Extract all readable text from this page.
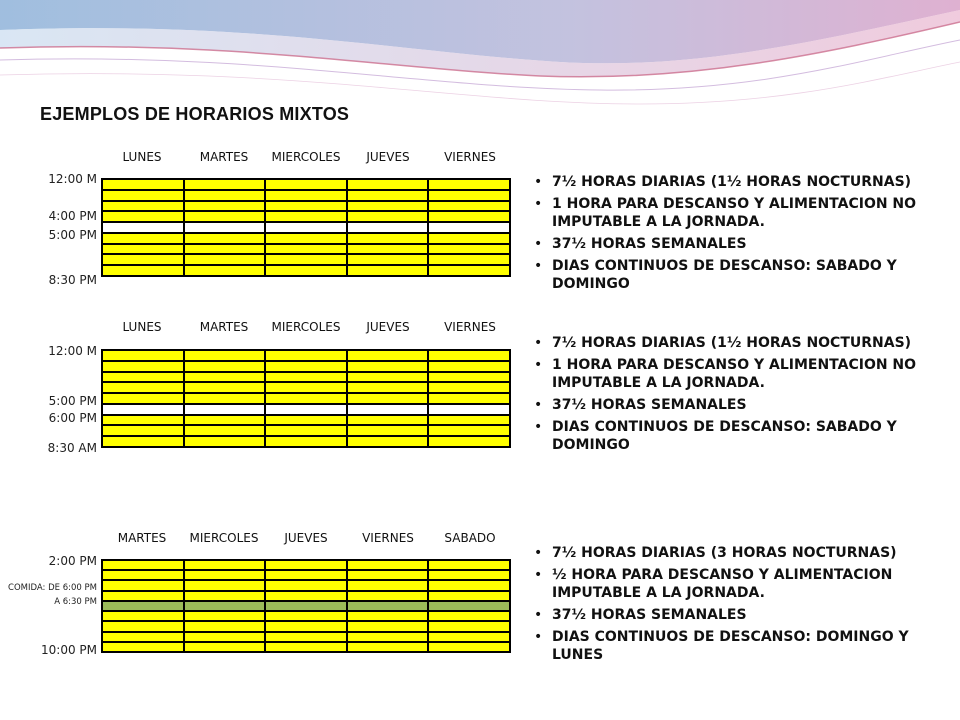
EJEMPLOS DE HORARIOS MIXTOS
LUNES	MARTES	MIERCOLES	JUEVES	VIERNES
12:00 M
4:00 PM
5:00 PM
8:30 PM
• 7½ HORAS DIARIAS (1½ HORAS NOCTURNAS)
• 1 HORA PARA DESCANSO Y ALIMENTACION NO IMPUTABLE A LA JORNADA.
• 37½ HORAS SEMANALES
• DIAS CONTINUOS DE DESCANSO: SABADO Y DOMINGO
LUNES	MARTES	MIERCOLES	JUEVES	VIERNES
12:00 M
5:00 PM
6:00 PM
8:30 AM
• 7½ HORAS DIARIAS (1½ HORAS NOCTURNAS)
• 1 HORA PARA DESCANSO Y ALIMENTACION NO IMPUTABLE A LA JORNADA.
• 37½ HORAS SEMANALES
• DIAS CONTINUOS DE DESCANSO: SABADO Y DOMINGO
MARTES	MIERCOLES	JUEVES	VIERNES	SABADO
2:00 PM
COMIDA: DE 6:00 PM
A 6:30 PM
10:00 PM
• 7½ HORAS DIARIAS (3 HORAS NOCTURNAS)
• ½ HORA PARA DESCANSO Y ALIMENTACION IMPUTABLE A LA JORNADA.
• 37½ HORAS SEMANALES
• DIAS CONTINUOS DE DESCANSO: DOMINGO Y LUNES
